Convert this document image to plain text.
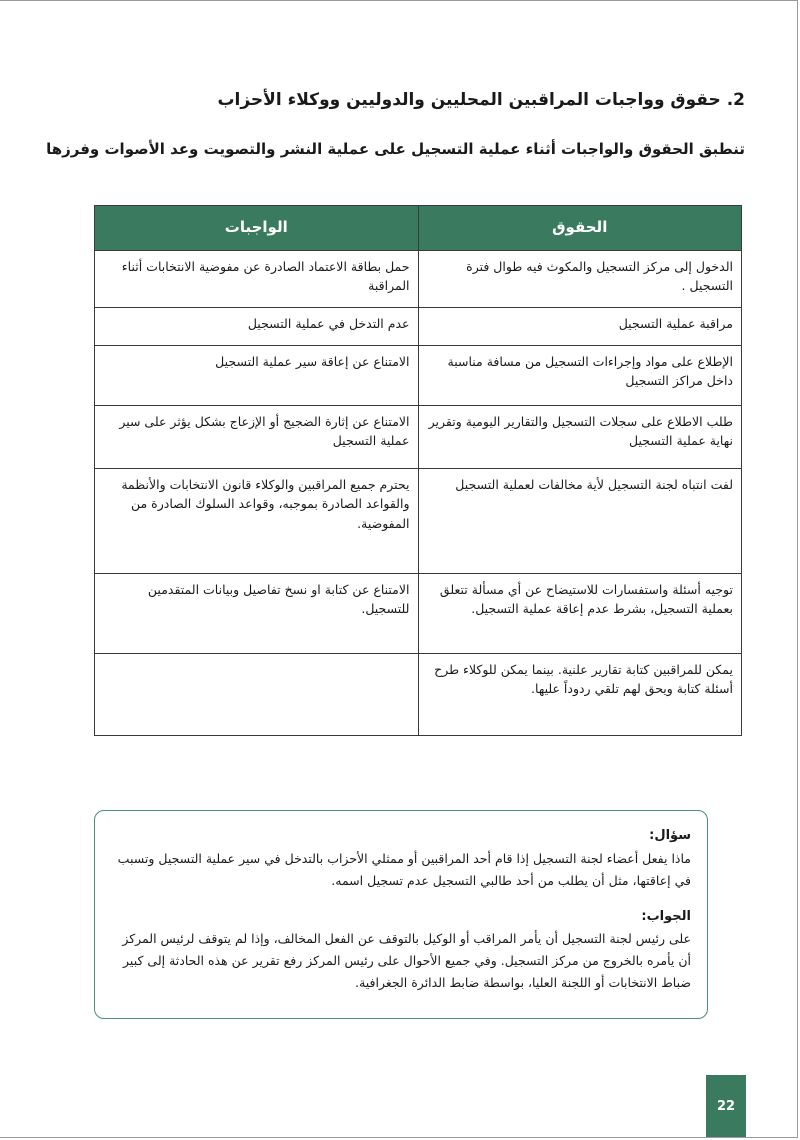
2. حقوق وواجبات المراقبين المحليين والدوليين ووكلاء الأحزاب
تنطبق الحقوق والواجبات أثناء عملية التسجيل على عملية النشر والتصويت وعد الأصوات وفرزها
الحقوق	الواجبات
الدخول إلى مركز التسجيل والمكوث فيه طوال فترة التسجيل .	حمل بطاقة الاعتماد الصادرة عن مفوضية الانتخابات أثناء المراقبة
مراقبة عملية التسجيل	عدم التدخل في عملية التسجيل
الإطلاع على مواد وإجراءات التسجيل من مسافة مناسبة داخل مراكز التسجيل	الامتناع عن إعاقة سير عملية التسجيل
طلب الاطلاع على سجلات التسجيل والتقارير اليومية وتقرير نهاية عملية التسجيل	الامتناع عن إثارة الضجيج أو الإزعاج بشكل يؤثر على سير عملية التسجيل
لفت انتباه لجنة التسجيل لأية مخالفات لعملية التسجيل	يحترم جميع المراقبين والوكلاء قانون الانتخابات والأنظمة والقواعد الصادرة بموجبه، وقواعد السلوك الصادرة من المفوضية.
توجيه أسئلة واستفسارات للاستيضاح عن أي مسألة تتعلق بعملية التسجيل، بشرط عدم إعاقة عملية التسجيل.	الامتناع عن كتابة او نسخ تفاصيل وبيانات المتقدمين للتسجيل.
يمكن للمراقبين كتابة تقارير علنية. بينما يمكن للوكلاء طرح أسئلة كتابة ويحق لهم تلقي ردوداً عليها.	
سؤال:
ماذا يفعل أعضاء لجنة التسجيل إذا قام أحد المراقبين أو ممثلي الأحزاب بالتدخل في سير عملية التسجيل وتسبب في إعاقتها، مثل أن يطلب من أحد طالبي التسجيل عدم تسجيل اسمه.
الجواب:
على رئيس لجنة التسجيل أن يأمر المراقب أو الوكيل بالتوقف عن الفعل المخالف، وإذا لم يتوقف لرئيس المركز أن يأمره بالخروج من مركز التسجيل. وفي جميع الأحوال على رئيس المركز رفع تقرير عن هذه الحادثة إلى كبير ضباط الانتخابات أو اللجنة العليا، بواسطة ضابط الدائرة الجغرافية.
22
